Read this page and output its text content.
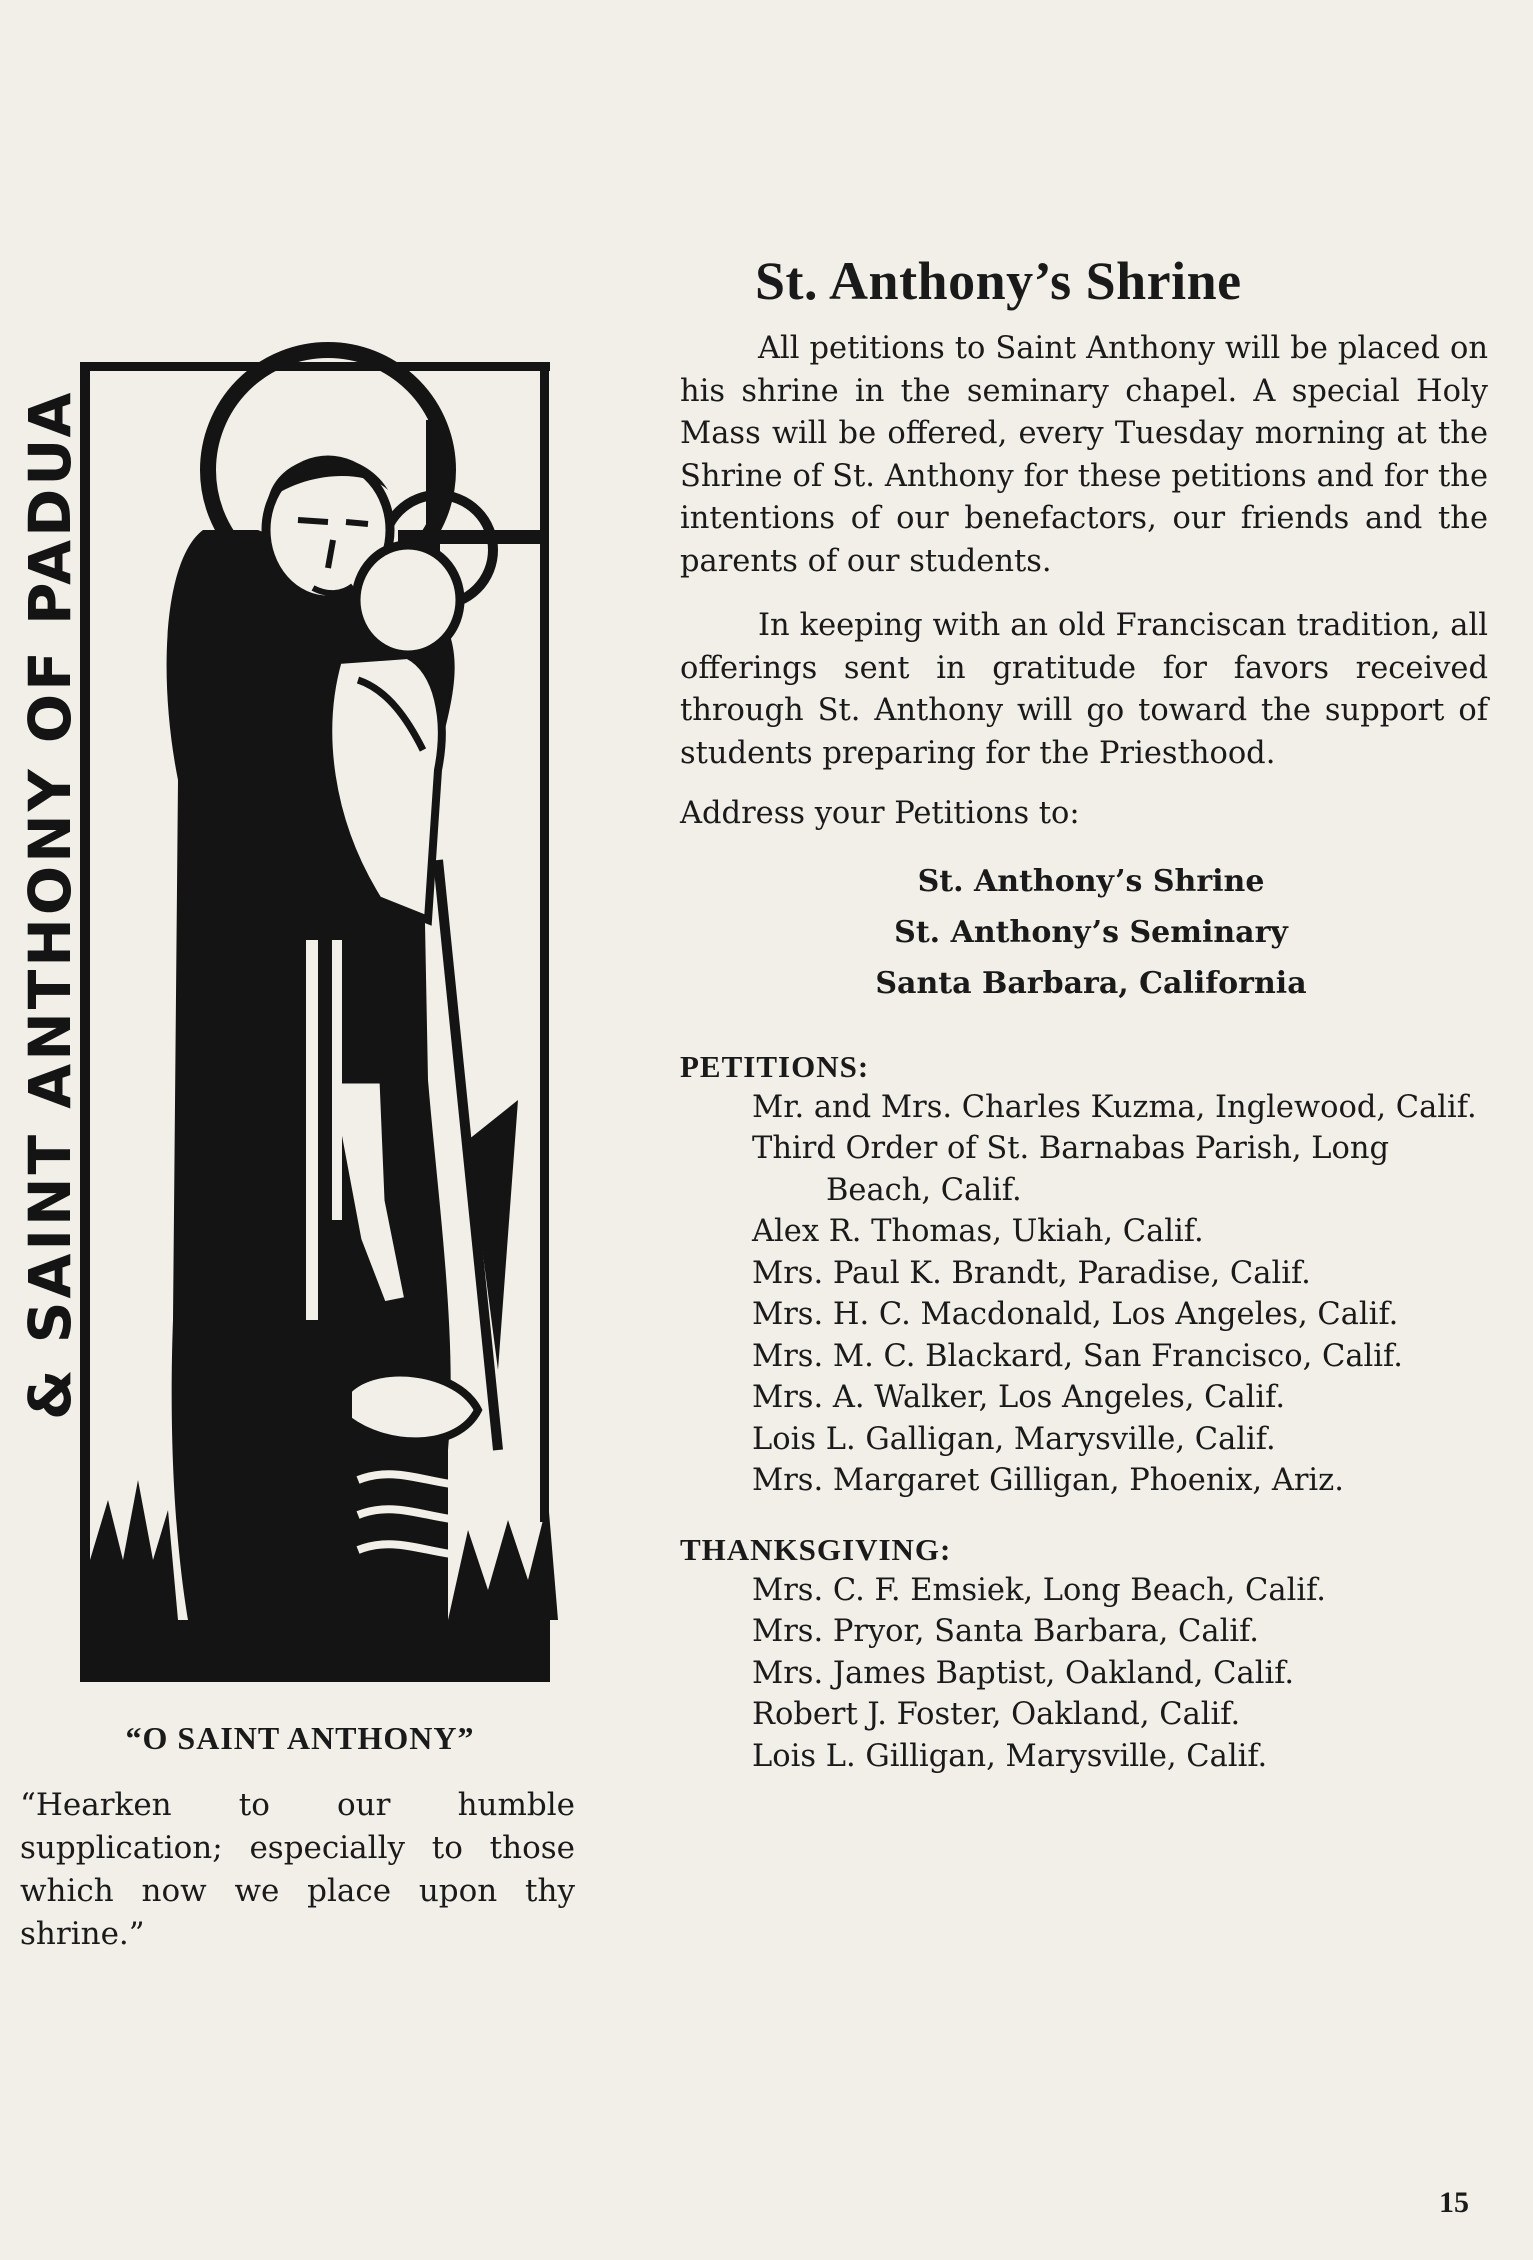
& SAINT ANTHONY OF PADUA
“O SAINT ANTHONY”
“Hearken to our humble supplication; especially to those which now we place upon thy shrine.”
St. Anthony’s Shrine

All petitions to Saint Anthony will be placed on his shrine in the seminary chapel. A special Holy Mass will be offered, every Tuesday morning at the Shrine of St. Anthony for these petitions and for the intentions of our benefactors, our friends and the parents of our students.

In keeping with an old Franciscan tradition, all offerings sent in gratitude for favors received through St. Anthony will go toward the support of students preparing for the Priesthood.

Address your Petitions to:
St. Anthony’s Shrine
St. Anthony’s Seminary
Santa Barbara, California
PETITIONS:
Mr. and Mrs. Charles Kuzma, Inglewood, Calif.
Third Order of St. Barnabas Parish, Long Beach, Calif.
Alex R. Thomas, Ukiah, Calif.
Mrs. Paul K. Brandt, Paradise, Calif.
Mrs. H. C. Macdonald, Los Angeles, Calif.
Mrs. M. C. Blackard, San Francisco, Calif.
Mrs. A. Walker, Los Angeles, Calif.
Lois L. Galligan, Marysville, Calif.
Mrs. Margaret Gilligan, Phoenix, Ariz.
THANKSGIVING:
Mrs. C. F. Emsiek, Long Beach, Calif.
Mrs. Pryor, Santa Barbara, Calif.
Mrs. James Baptist, Oakland, Calif.
Robert J. Foster, Oakland, Calif.
Lois L. Gilligan, Marysville, Calif.
15
